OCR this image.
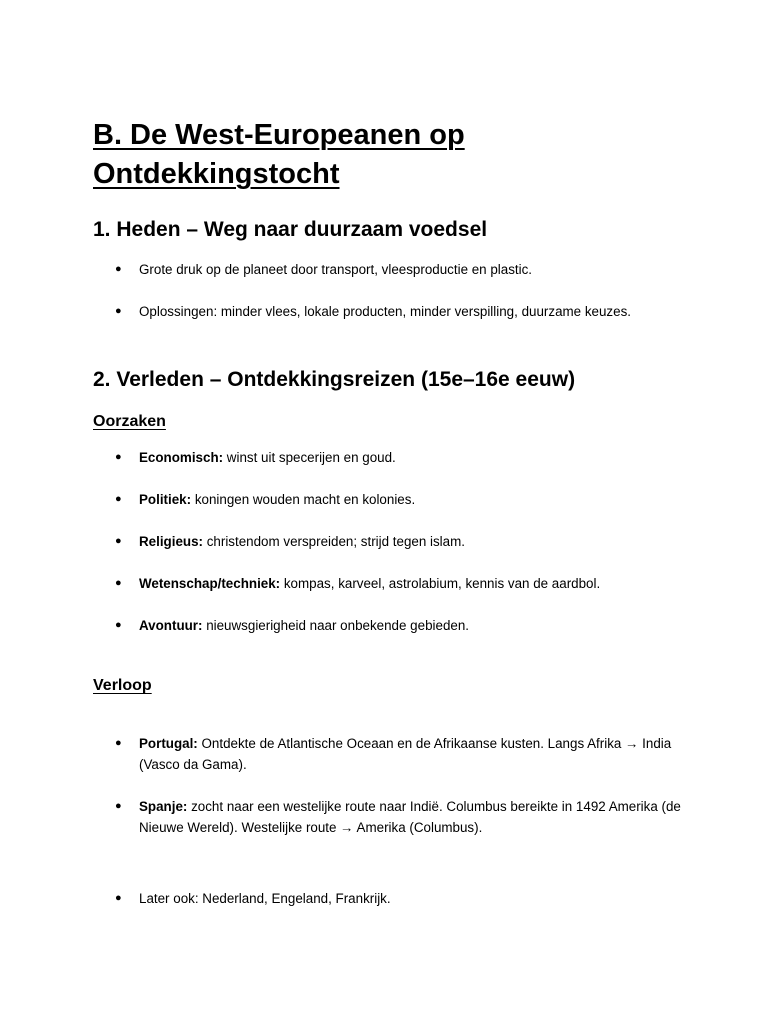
B. De West-Europeanen op Ontdekkingstocht
1. Heden – Weg naar duurzaam voedsel
●	Grote druk op de planeet door transport, vleesproductie en plastic.
●	Oplossingen: minder vlees, lokale producten, minder verspilling, duurzame keuzes.
2. Verleden – Ontdekkingsreizen (15e–16e eeuw)
Oorzaken
●	Economisch: winst uit specerijen en goud.
●	Politiek: koningen wouden macht en kolonies.
●	Religieus: christendom verspreiden; strijd tegen islam.
●	Wetenschap/techniek: kompas, karveel, astrolabium, kennis van de aardbol.
●	Avontuur: nieuwsgierigheid naar onbekende gebieden.
Verloop
●	Portugal: Ontdekte de Atlantische Oceaan en de Afrikaanse kusten. Langs Afrika → India (Vasco da Gama).
●	Spanje: zocht naar een westelijke route naar Indië. Columbus bereikte in 1492 Amerika (de Nieuwe Wereld). Westelijke route → Amerika (Columbus).
●	Later ook: Nederland, Engeland, Frankrijk.
